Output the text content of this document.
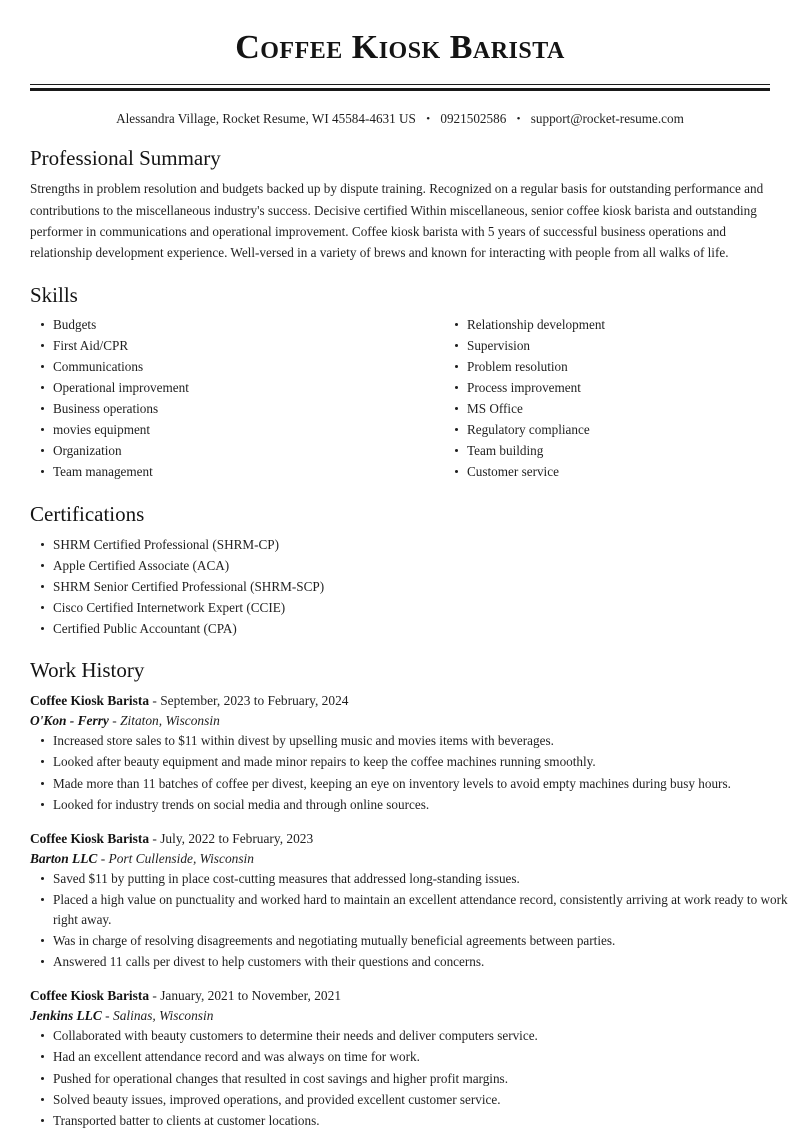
Coffee Kiosk Barista
Alessandra Village, Rocket Resume, WI 45584-4631 US • 0921502586 • support@rocket-resume.com
Professional Summary

Strengths in problem resolution and budgets backed up by dispute training. Recognized on a regular basis for outstanding performance and contributions to the miscellaneous industry's success. Decisive certified Within miscellaneous, senior coffee kiosk barista and outstanding performer in communications and operational improvement. Coffee kiosk barista with 5 years of successful business operations and relationship development experience. Well-versed in a variety of brews and known for interacting with people from all walks of life.

Skills
Budgets
First Aid/CPR
Communications
Operational improvement
Business operations
movies equipment
Organization
Team management
Relationship development
Supervision
Problem resolution
Process improvement
MS Office
Regulatory compliance
Team building
Customer service
Certifications
SHRM Certified Professional (SHRM-CP)
Apple Certified Associate (ACA)
SHRM Senior Certified Professional (SHRM-SCP)
Cisco Certified Internetwork Expert (CCIE)
Certified Public Accountant (CPA)
Work History
Coffee Kiosk Barista - September, 2023 to February, 2024
O'Kon - Ferry - Zitaton, Wisconsin
Increased store sales to $11 within divest by upselling music and movies items with beverages.
Looked after beauty equipment and made minor repairs to keep the coffee machines running smoothly.
Made more than 11 batches of coffee per divest, keeping an eye on inventory levels to avoid empty machines during busy hours.
Looked for industry trends on social media and through online sources.
Coffee Kiosk Barista - July, 2022 to February, 2023
Barton LLC - Port Cullenside, Wisconsin
Saved $11 by putting in place cost-cutting measures that addressed long-standing issues.
Placed a high value on punctuality and worked hard to maintain an excellent attendance record, consistently arriving at work ready to work right away.
Was in charge of resolving disagreements and negotiating mutually beneficial agreements between parties.
Answered 11 calls per divest to help customers with their questions and concerns.
Coffee Kiosk Barista - January, 2021 to November, 2021
Jenkins LLC - Salinas, Wisconsin
Collaborated with beauty customers to determine their needs and deliver computers service.
Had an excellent attendance record and was always on time for work.
Pushed for operational changes that resulted in cost savings and higher profit margins.
Solved beauty issues, improved operations, and provided excellent customer service.
Transported batter to clients at customer locations.
